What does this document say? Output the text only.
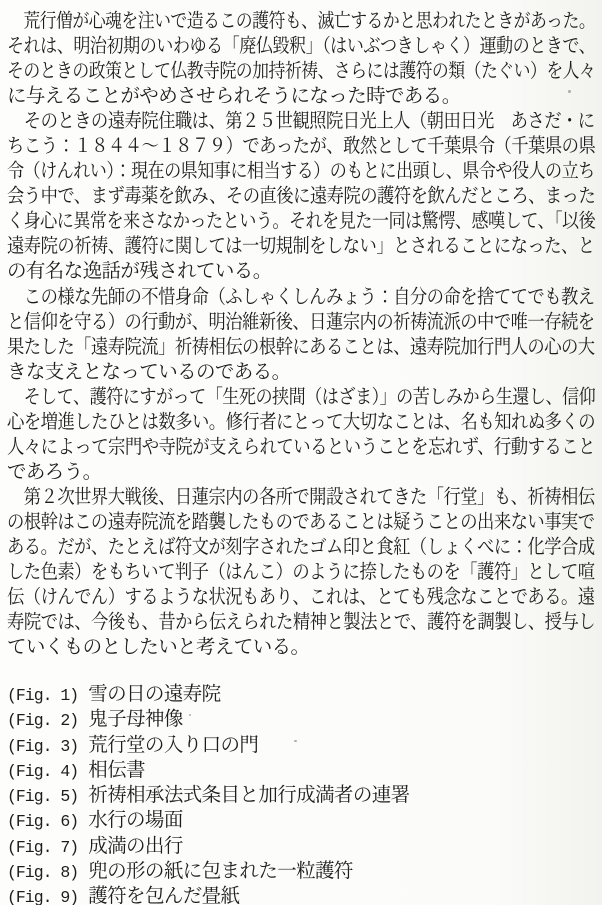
　荒行僧が心魂を注いで造るこの護符も、滅亡するかと思われたときがあった。
それは、明治初期のいわゆる「廃仏毀釈」（はいぶつきしゃく）運動のときで、
そのときの政策として仏教寺院の加持祈祷、さらには護符の類（たぐい）を人々
に与えることがやめさせられそうになった時である。
　そのときの遠寿院住職は、第２５世観照院日光上人（朝田日光　あさだ・に
ちこう：１８４４～１８７９）であったが、敢然として千葉県令（千葉県の県
令（けんれい）：現在の県知事に相当する）のもとに出頭し、県令や役人の立ち
会う中で、まず毒薬を飲み、その直後に遠寿院の護符を飲んだところ、まった
く身心に異常を来さなかったという。それを見た一同は驚愕、感嘆して、「以後
遠寿院の祈祷、護符に関しては一切規制をしない」とされることになった、と
の有名な逸話が残されている。
　この様な先師の不惜身命（ふしゃくしんみょう：自分の命を捨ててでも教え
と信仰を守る）の行動が、明治維新後、日蓮宗内の祈祷流派の中で唯一存続を
果たした「遠寿院流」祈祷相伝の根幹にあることは、遠寿院加行門人の心の大
きな支えとなっているのである。
　そして、護符にすがって「生死の挟間（はざま）」の苦しみから生還し、信仰
心を増進したひとは数多い。修行者にとって大切なことは、名も知れぬ多くの
人々によって宗門や寺院が支えられているということを忘れず、行動すること
であろう。
　第２次世界大戦後、日蓮宗内の各所で開設されてきた「行堂」も、祈祷相伝
の根幹はこの遠寿院流を踏襲したものであることは疑うことの出来ない事実で
ある。だが、たとえば符文が刻字されたゴム印と食紅（しょくべに：化学合成
した色素）をもちいて判子（はんこ）のように捺したものを「護符」として喧
伝（けんでん）するような状況もあり、これは、とても残念なことである。遠
寿院では、今後も、昔から伝えられた精神と製法とで、護符を調製し、授与し
ていくものとしたいと考えている。
(Fig. 1) 雪の日の遠寿院
(Fig. 2) 鬼子母神像
(Fig. 3) 荒行堂の入り口の門
(Fig. 4) 相伝書
(Fig. 5) 祈祷相承法式条目と加行成満者の連署
(Fig. 6) 水行の場面
(Fig. 7) 成満の出行
(Fig. 8) 兜の形の紙に包まれた一粒護符
(Fig. 9) 護符を包んだ畳紙
